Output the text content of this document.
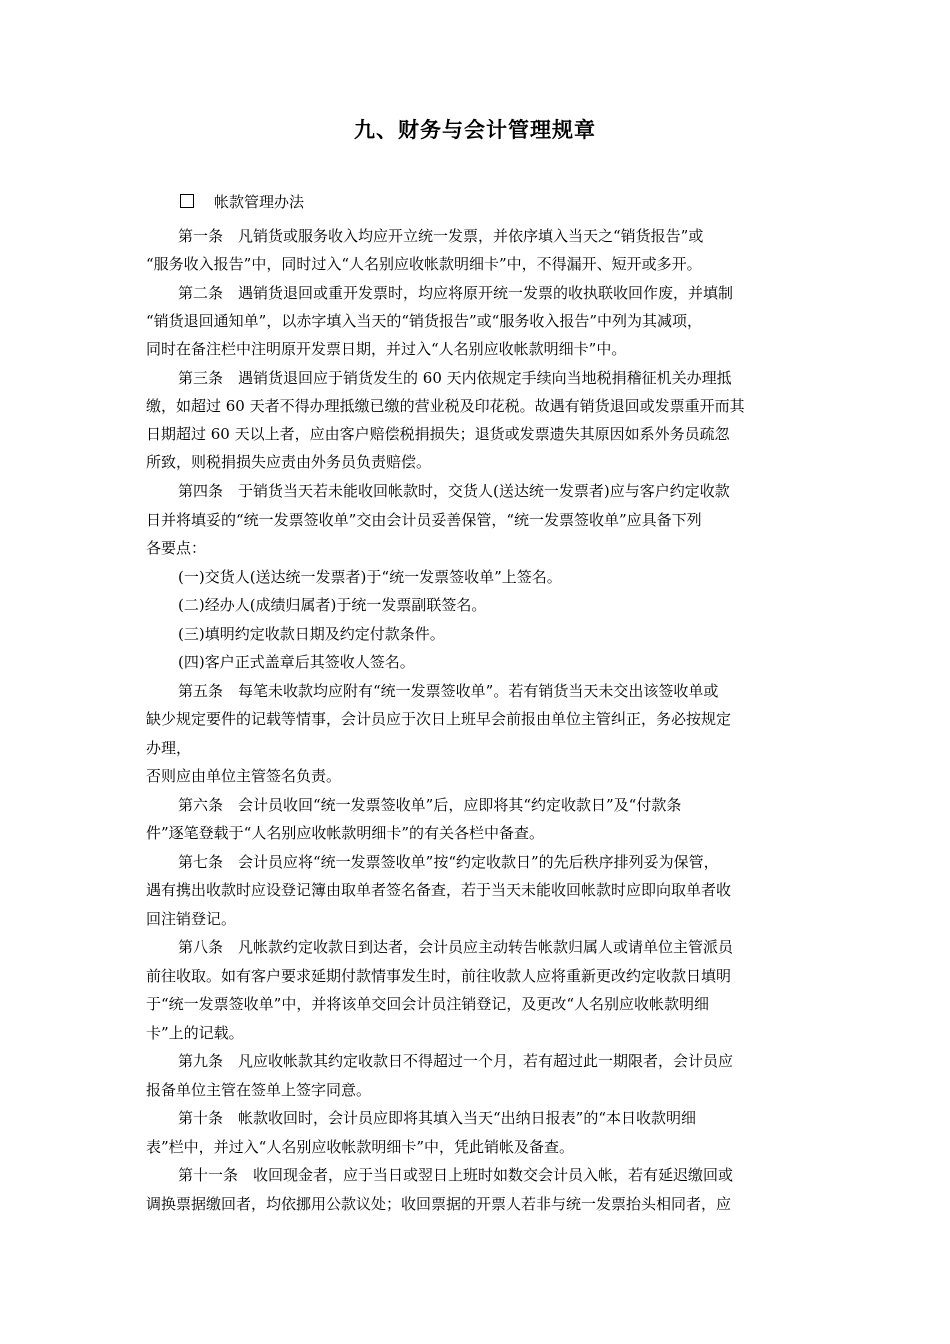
九、财务与会计管理规章
帐款管理办法
第一条　凡销货或服务收入均应开立统一发票，并依序填入当天之“销货报告”或
“服务收入报告”中，同时过入“人名别应收帐款明细卡”中，不得漏开、短开或多开。
第二条　遇销货退回或重开发票时，均应将原开统一发票的收执联收回作废，并填制
“销货退回通知单”，以赤字填入当天的“销货报告”或“服务收入报告”中列为其减项，
同时在备注栏中注明原开发票日期，并过入“人名别应收帐款明细卡”中。
第三条　遇销货退回应于销货发生的 60 天内依规定手续向当地税捐稽征机关办理抵
缴，如超过 60 天者不得办理抵缴已缴的营业税及印花税。故遇有销货退回或发票重开而其
日期超过 60 天以上者，应由客户赔偿税捐损失；退货或发票遗失其原因如系外务员疏忽
所致，则税捐损失应责由外务员负责赔偿。
第四条　于销货当天若未能收回帐款时，交货人(送达统一发票者)应与客户约定收款
日并将填妥的“统一发票签收单”交由会计员妥善保管，“统一发票签收单”应具备下列
各要点：
(一)交货人(送达统一发票者)于“统一发票签收单”上签名。
(二)经办人(成绩归属者)于统一发票副联签名。
(三)填明约定收款日期及约定付款条件。
(四)客户正式盖章后其签收人签名。
第五条　每笔未收款均应附有“统一发票签收单”。若有销货当天未交出该签收单或
缺少规定要件的记载等情事，会计员应于次日上班早会前报由单位主管纠正，务必按规定
办理，
否则应由单位主管签名负责。
第六条　会计员收回“统一发票签收单”后，应即将其“约定收款日”及“付款条
件”逐笔登载于“人名别应收帐款明细卡”的有关各栏中备查。
第七条　会计员应将“统一发票签收单”按“约定收款日”的先后秩序排列妥为保管，
遇有携出收款时应设登记簿由取单者签名备查，若于当天未能收回帐款时应即向取单者收
回注销登记。
第八条　凡帐款约定收款日到达者，会计员应主动转告帐款归属人或请单位主管派员
前往收取。如有客户要求延期付款情事发生时，前往收款人应将重新更改约定收款日填明
于“统一发票签收单”中，并将该单交回会计员注销登记，及更改“人名别应收帐款明细
卡”上的记载。
第九条　凡应收帐款其约定收款日不得超过一个月，若有超过此一期限者，会计员应
报备单位主管在签单上签字同意。
第十条　帐款收回时，会计员应即将其填入当天“出纳日报表”的“本日收款明细
表”栏中，并过入“人名别应收帐款明细卡”中，凭此销帐及备查。
第十一条　收回现金者，应于当日或翌日上班时如数交会计员入帐，若有延迟缴回或
调换票据缴回者，均依挪用公款议处；收回票据的开票人若非与统一发票抬头相同者，应
